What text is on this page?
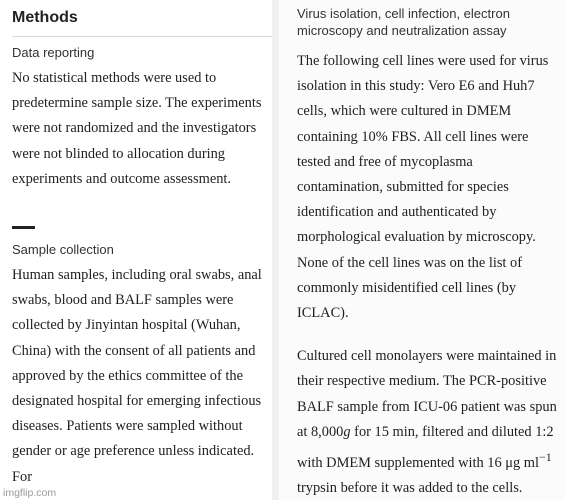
Methods
Data reporting
No statistical methods were used to predetermine sample size. The experiments were not randomized and the investigators were not blinded to allocation during experiments and outcome assessment.
Sample collection
Human samples, including oral swabs, anal swabs, blood and BALF samples were collected by Jinyintan hospital (Wuhan, China) with the consent of all patients and approved by the ethics committee of the designated hospital for emerging infectious diseases. Patients were sampled without gender or age preference unless indicated. For
Virus isolation, cell infection, electron microscopy and neutralization assay
The following cell lines were used for virus isolation in this study: Vero E6 and Huh7 cells, which were cultured in DMEM containing 10% FBS. All cell lines were tested and free of mycoplasma contamination, submitted for species identification and authenticated by morphological evaluation by microscopy. None of the cell lines was on the list of commonly misidentified cell lines (by ICLAC).
Cultured cell monolayers were maintained in their respective medium. The PCR-positive BALF sample from ICU-06 patient was spun at 8,000g for 15 min, filtered and diluted 1:2 with DMEM supplemented with 16 μg $ml^{-1}$ trypsin before it was added to the cells.
imgflip.com
